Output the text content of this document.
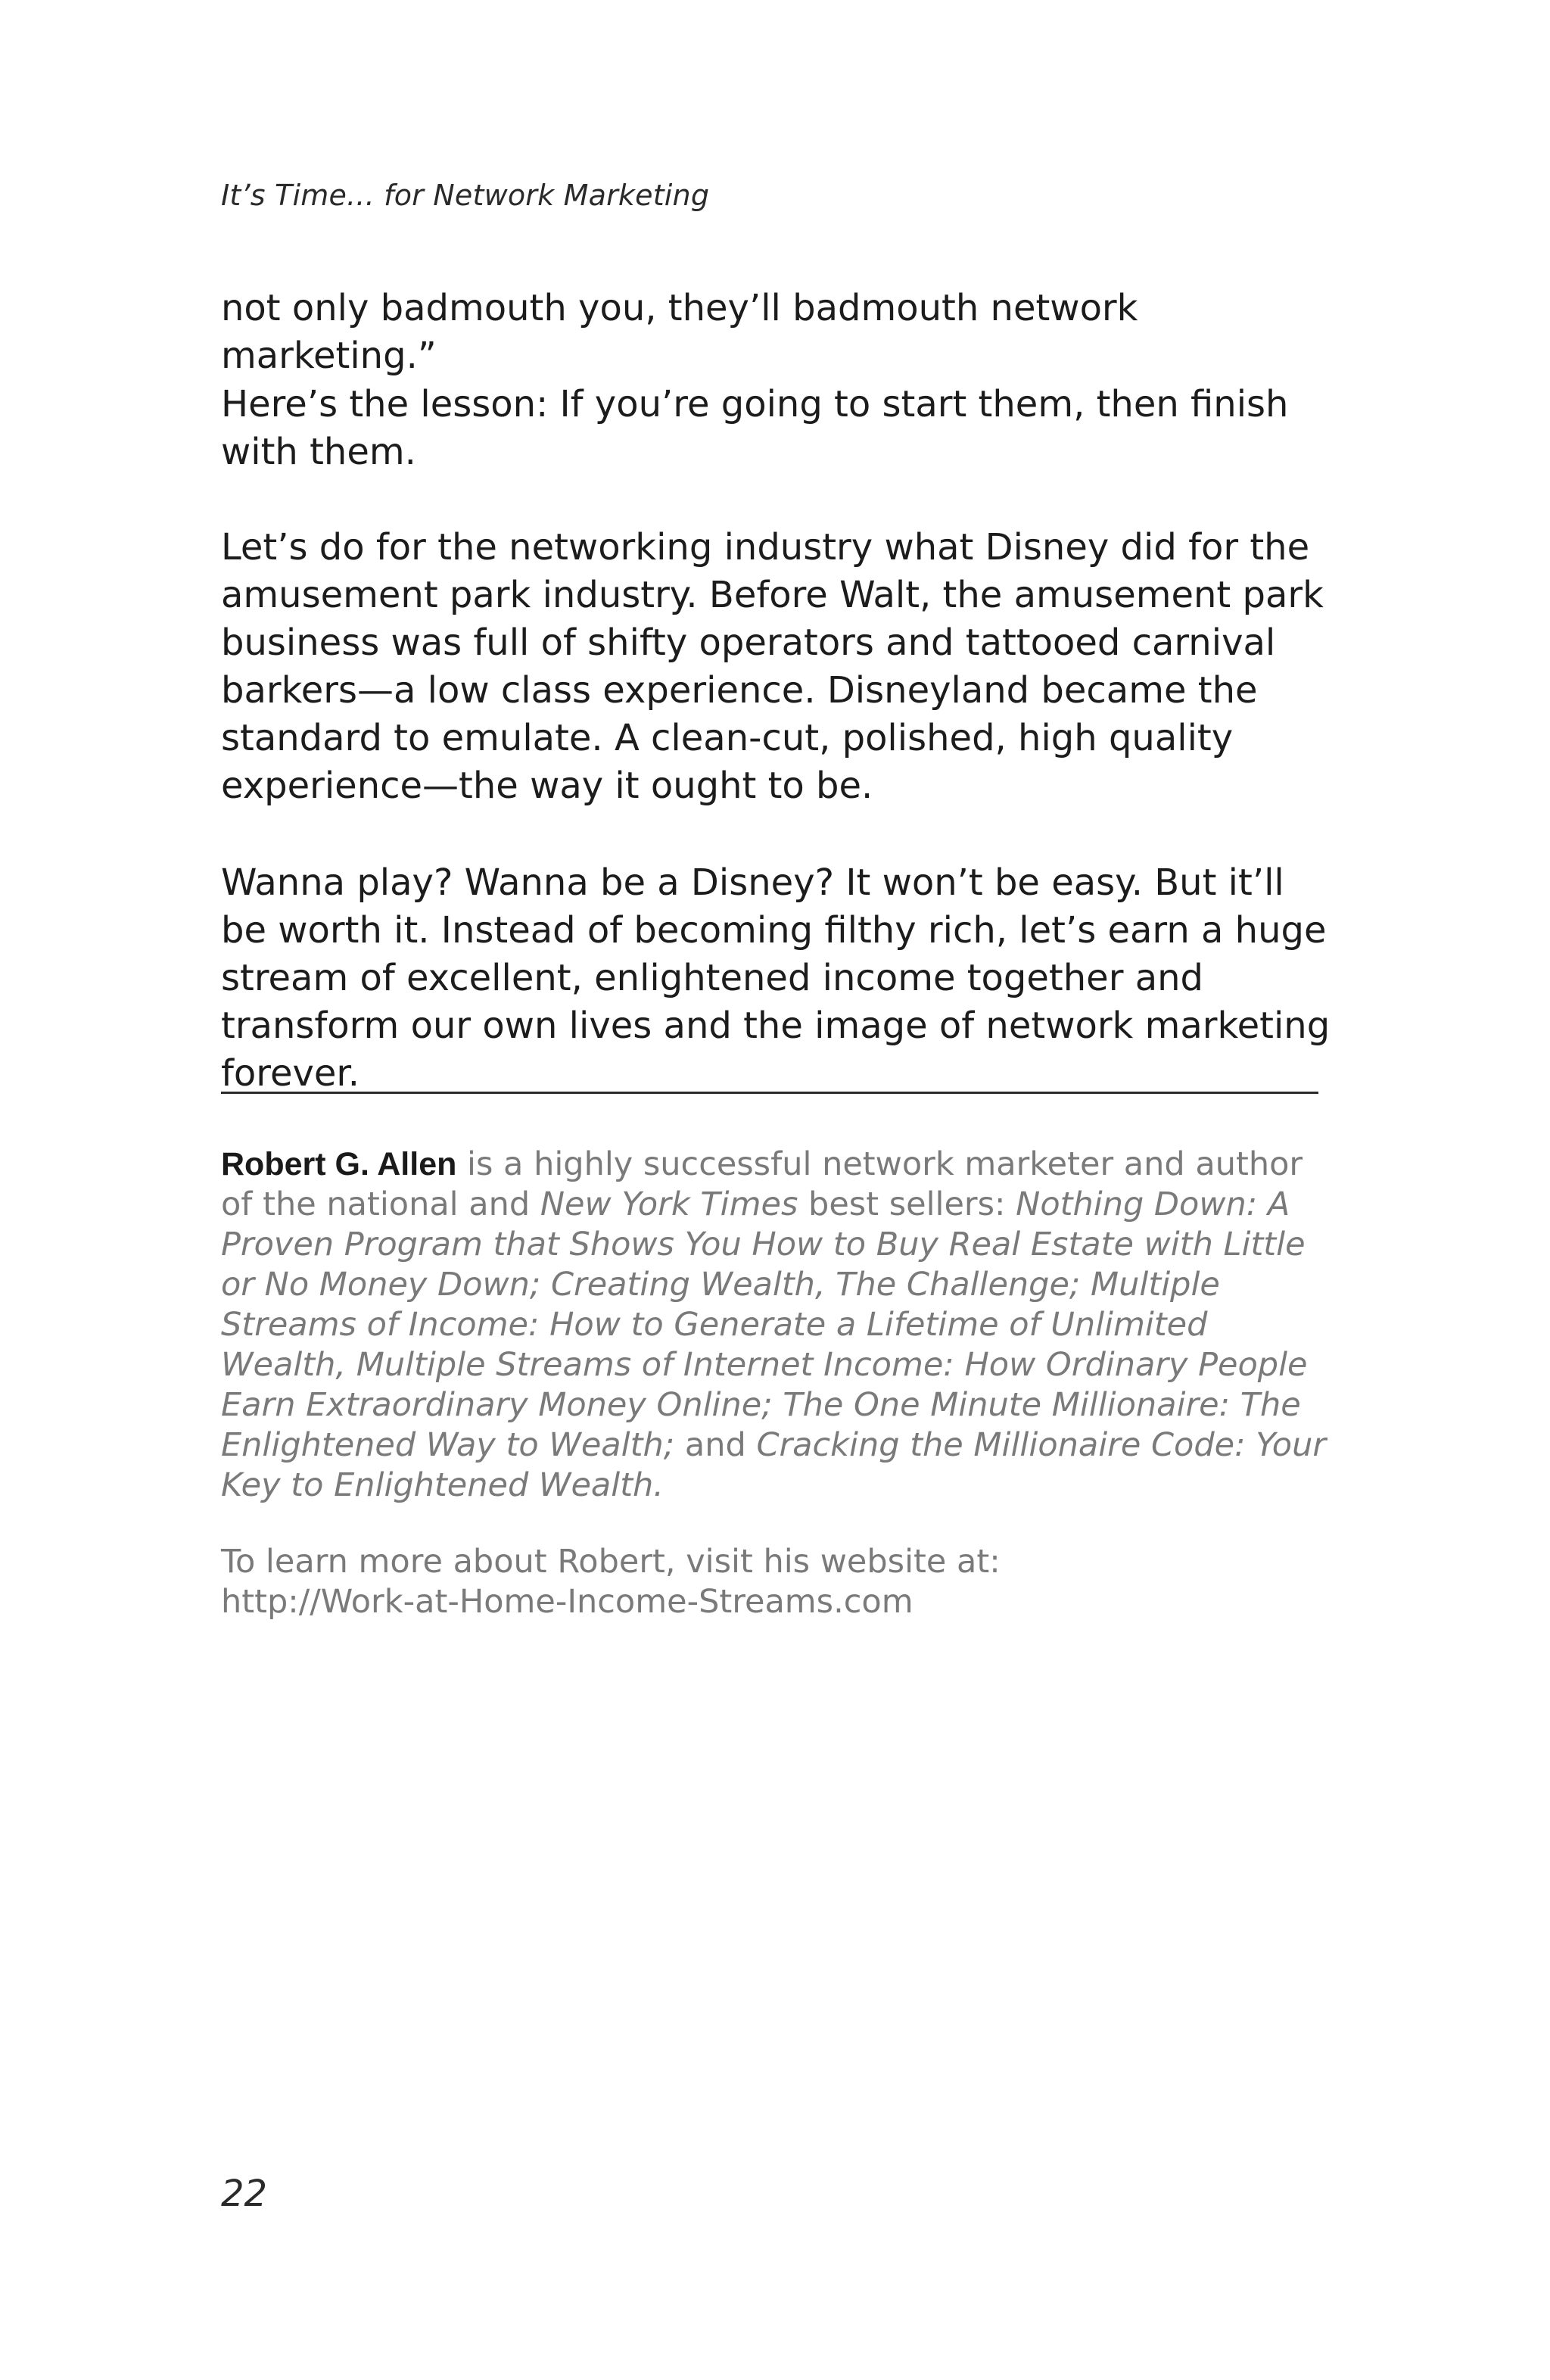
It’s Time... for Network Marketing

not only badmouth you, they’ll badmouth network marketing.”

Here’s the lesson: If you’re going to start them, then finish with them.

Let’s do for the networking industry what Disney did for the amusement park industry. Before Walt, the amusement park business was full of shifty operators and tattooed carnival barkers—a low class experience. Disneyland became the standard to emulate. A clean-cut, polished, high quality experience—the way it ought to be.

Wanna play? Wanna be a Disney? It won’t be easy. But it’ll be worth it. Instead of becoming filthy rich, let’s earn a huge stream of excellent, enlightened income together and transform our own lives and the image of network marketing forever.

Robert G. Allen is a highly successful network marketer and author of the national and New York Times best sellers: Nothing Down: A Proven Program that Shows You How to Buy Real Estate with Little or No Money Down; Creating Wealth, The Challenge; Multiple Streams of Income: How to Generate a Lifetime of Unlimited Wealth, Multiple Streams of Internet Income: How Ordinary People Earn Extraordinary Money Online; The One Minute Millionaire: The Enlightened Way to Wealth; and Cracking the Millionaire Code: Your Key to Enlightened Wealth.

To learn more about Robert, visit his website at:
http://Work-at-Home-Income-Streams.com

22
